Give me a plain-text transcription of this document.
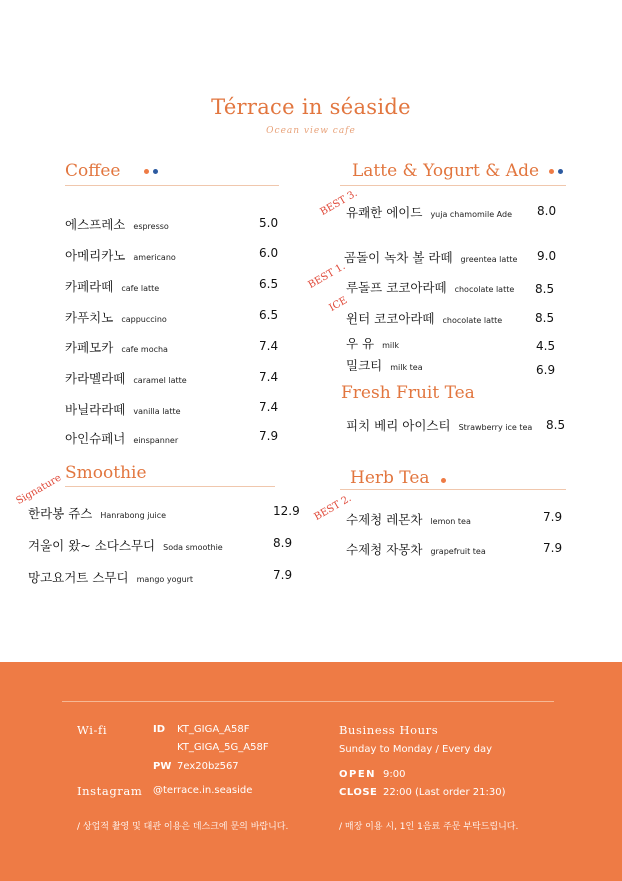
Térrace in séaside
Ocean view cafe
Coffee
에스프레소 espresso	5.0
아메리카노 americano	6.0
카페라떼 cafe latte	6.5
카푸치노 cappuccino	6.5
카페모카 cafe mocha	7.4
카라멜라떼 caramel latte	7.4
바닐라라떼 vanilla latte	7.4
아인슈페너 einspanner	7.9
Smoothie
Signature
한라봉 쥬스 Hanrabong juice	12.9
겨울이 왔~ 소다스무디 Soda smoothie	8.9
망고요거트 스무디 mango yogurt	7.9
Latte & Yogurt & Ade
BEST 3.
BEST 1.
ICE
유쾌한 에이드 yuja chamomile Ade 8.0
곰돌이 녹차 볼 라떼 greentea latte 9.0
루돌프 코코아라떼 chocolate latte 8.5
윈터 코코아라떼 chocolate latte	8.5
우 유 milk	4.5
밀크티 milk tea	6.9
Fresh Fruit Tea
피치 베리 아이스티 Strawberry ice tea 8.5
Herb Tea
BEST 2.
수제청 레몬차 lemon tea	7.9
수제청 자몽차 grapefruit tea	7.9
Wi-fi	ID KT_GIGA_A58F
KT_GIGA_5G_A58F
PW 7ex20bz567
Instagram @terrace.in.seaside
Business Hours
Sunday to Monday / Every day
OPEN 9:00
CLOSE 22:00 (Last order 21:30)
/ 상업적 촬영 및 대관 이용은 데스크에 문의 바랍니다.	/ 매장 이용 시, 1인 1음료 주문 부탁드립니다.
